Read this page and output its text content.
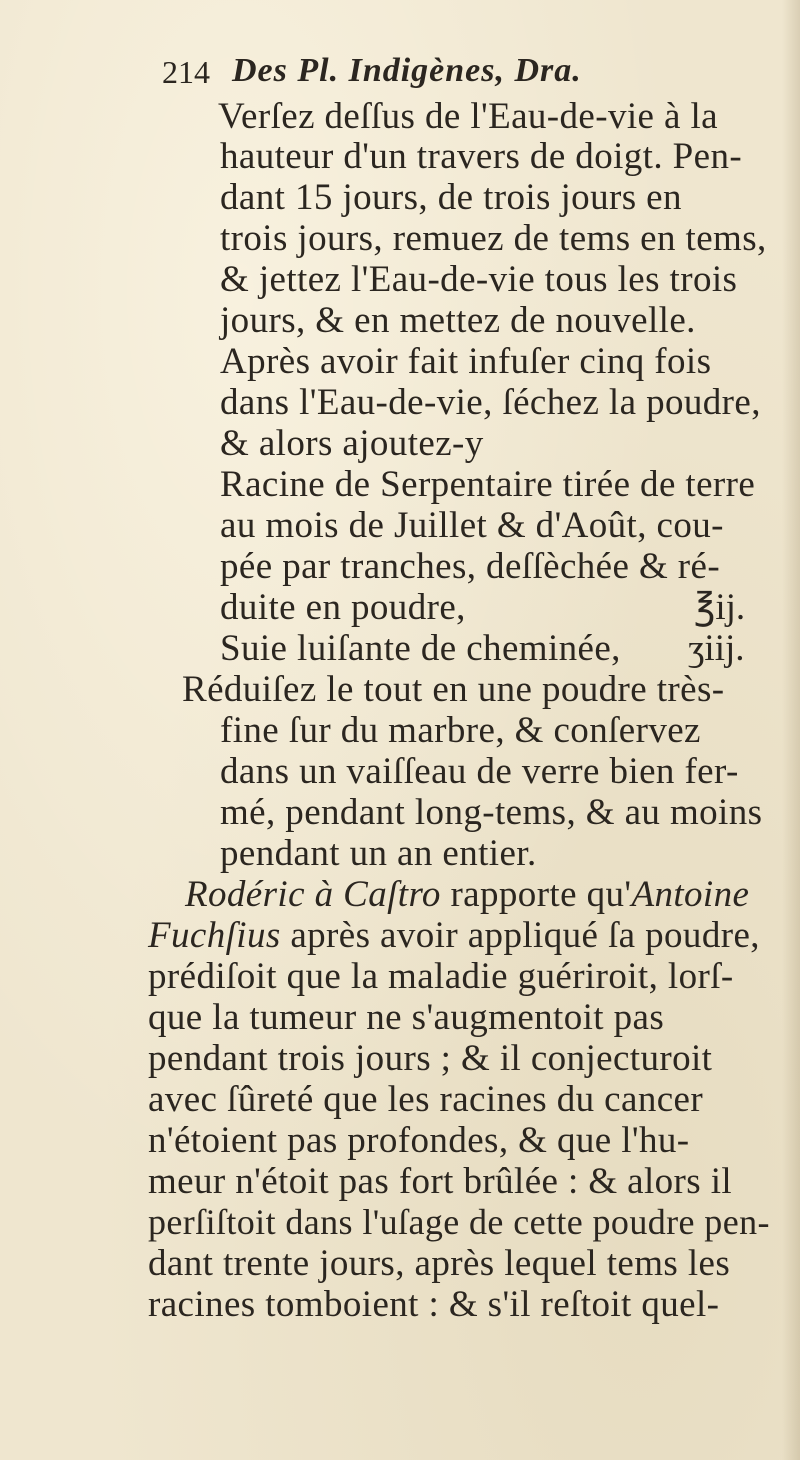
214 Des Pl. Indigènes, Dra.
Verſez deſſus de l'Eau-de-vie à la
hauteur d'un travers de doigt. Pen-
dant 15 jours, de trois jours en
trois jours, remuez de tems en tems,
& jettez l'Eau-de-vie tous les trois
jours, & en mettez de nouvelle.
Après avoir fait infuſer cinq fois
dans l'Eau-de-vie, ſéchez la poudre,
& alors ajoutez-y
Racine de Serpentaire tirée de terre
au mois de Juillet & d'Août, cou-
pée par tranches, deſſèchée & ré-
duite en poudre,	℥ij.
Suie luiſante de cheminée, ʒiij.
Réduiſez le tout en une poudre très-
fine ſur du marbre, & conſervez
dans un vaiſſeau de verre bien fer-
mé, pendant long-tems, & au moins
pendant un an entier.
Rodéric à Caſtro rapporte qu'Antoine
Fuchſius après avoir appliqué ſa poudre,
prédiſoit que la maladie guériroit, lorſ-
que la tumeur ne s'augmentoit pas
pendant trois jours ; & il conjecturoit
avec ſûreté que les racines du cancer
n'étoient pas profondes, & que l'hu-
meur n'étoit pas fort brûlée : & alors il
perſiſtoit dans l'uſage de cette poudre pen-
dant trente jours, après lequel tems les
racines tomboient : & s'il reſtoit quel-
